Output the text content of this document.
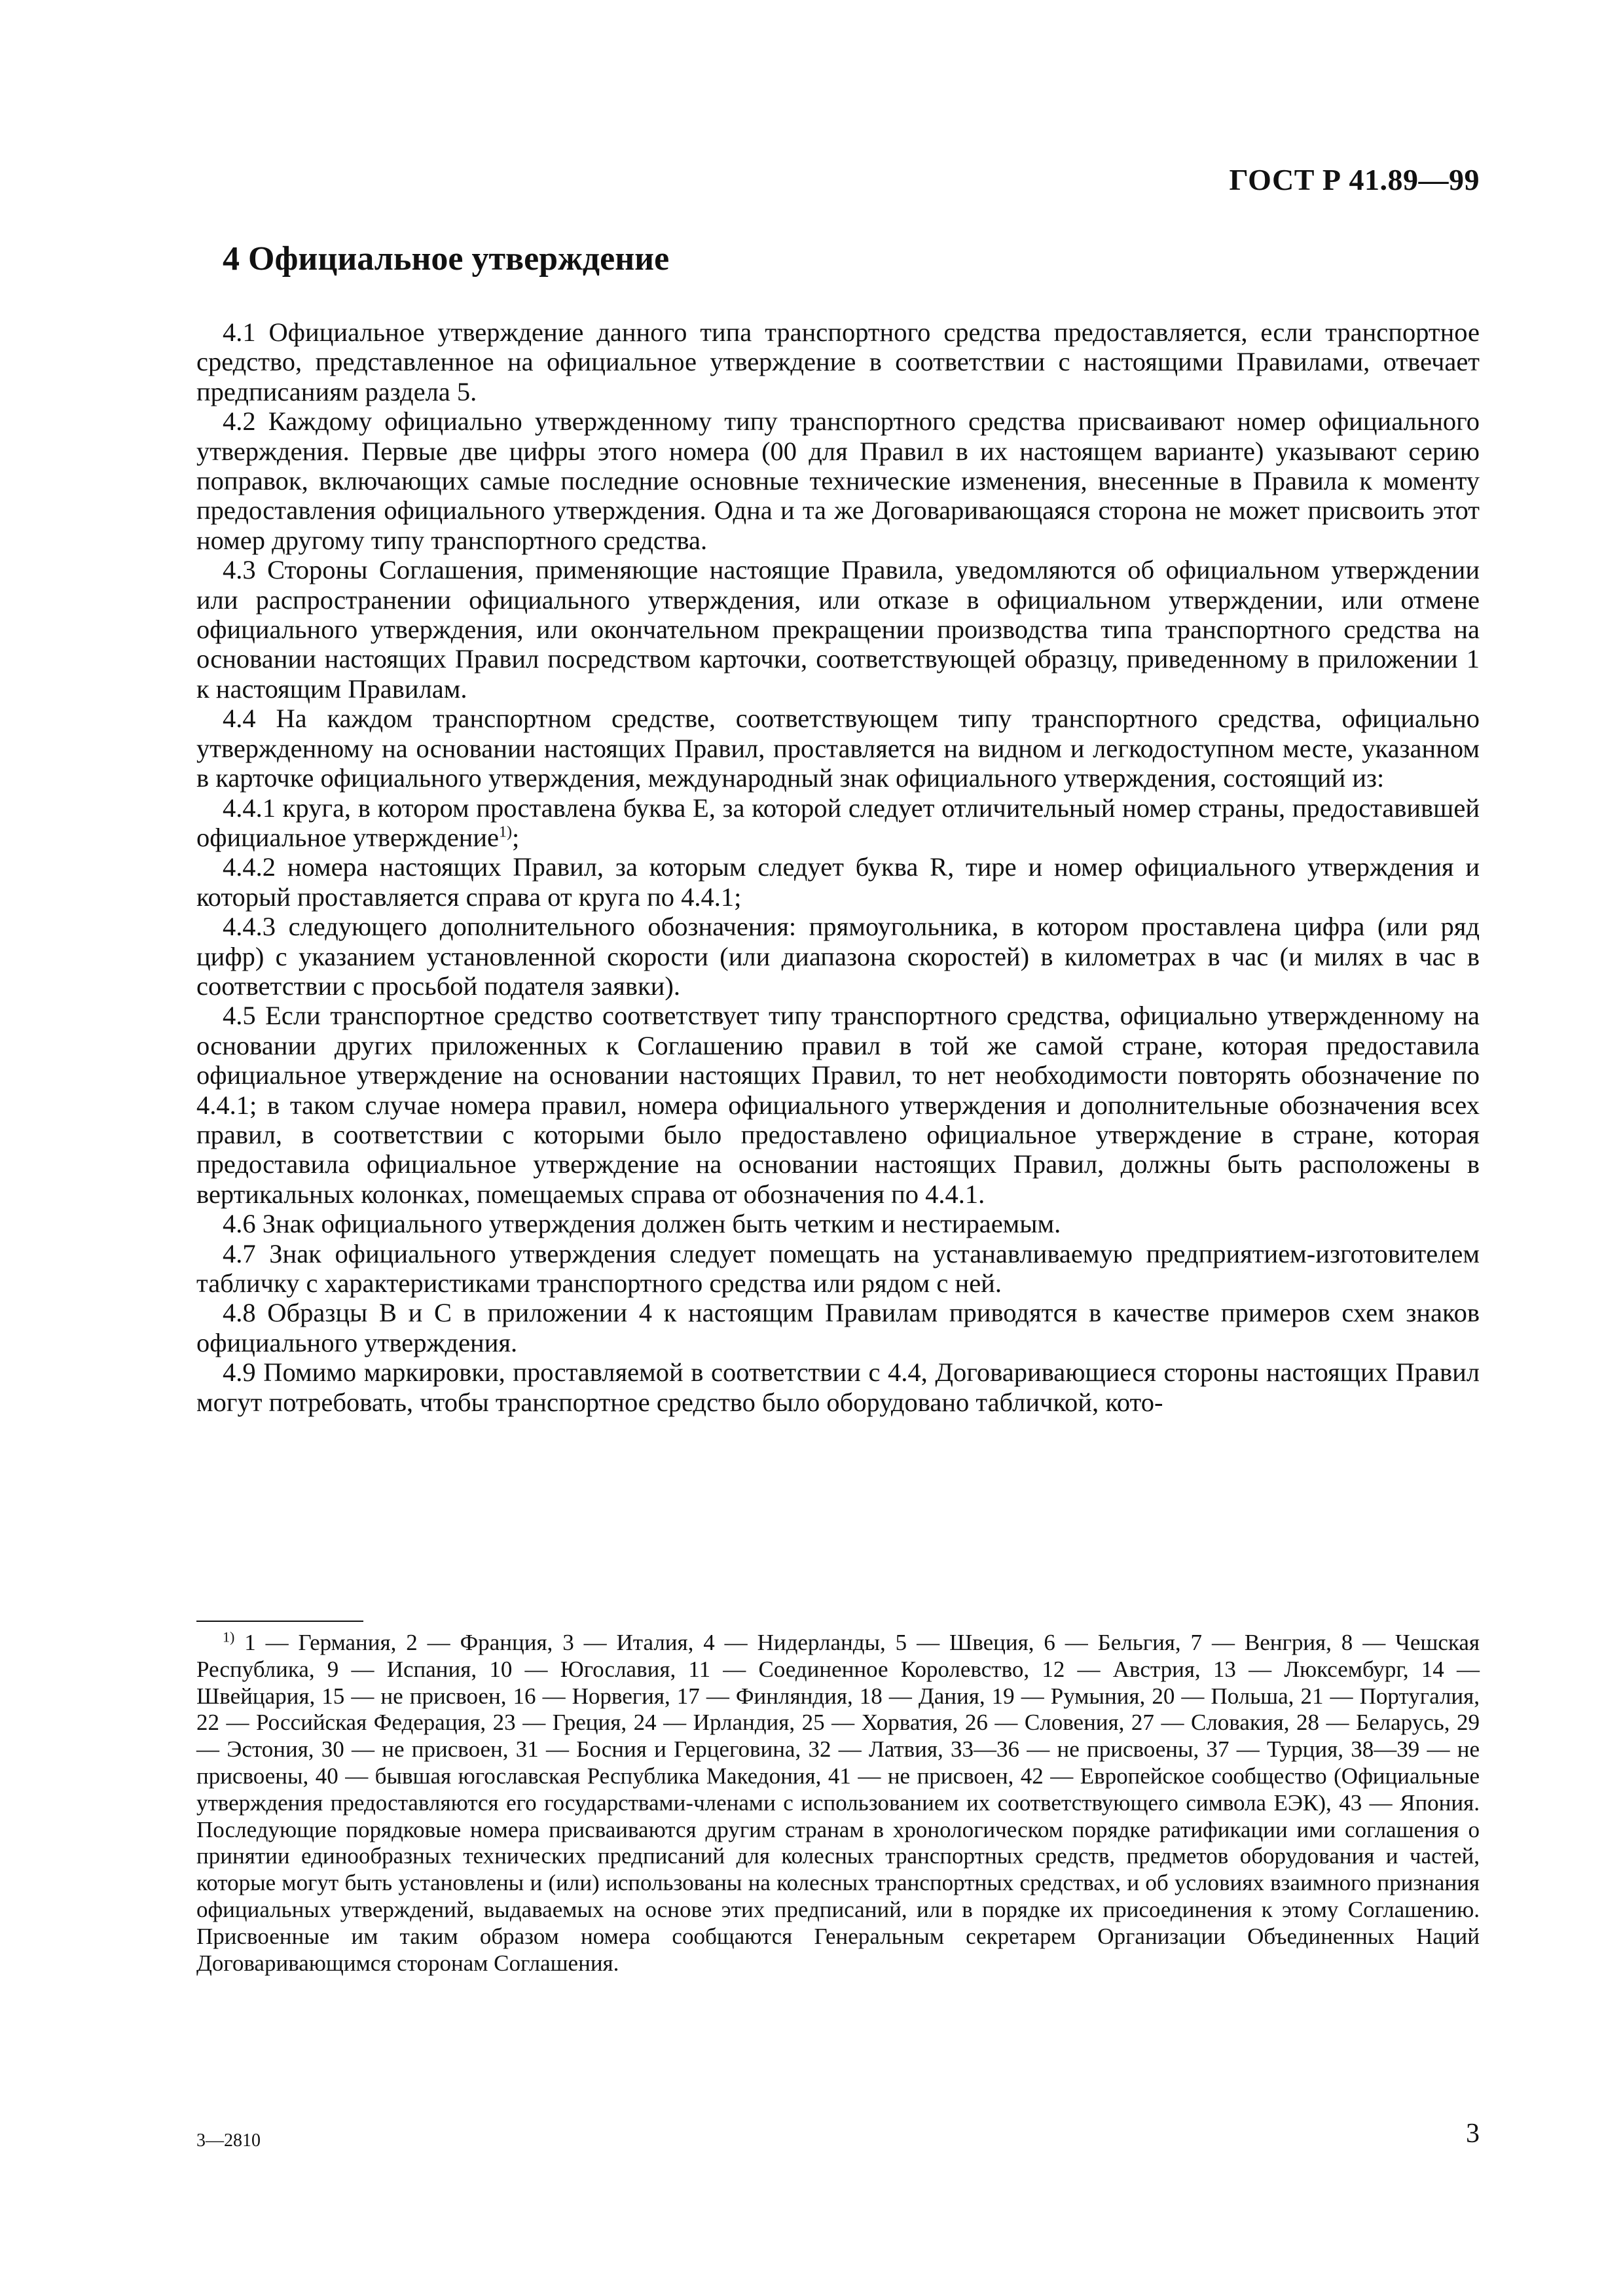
ГОСТ Р 41.89—99
4 Официальное утверждение

4.1 Официальное утверждение данного типа транспортного средства предоставляется, если транспортное средство, представленное на официальное утверждение в соответствии с настоящими Правилами, отвечает предписаниям раздела 5.

4.2 Каждому официально утвержденному типу транспортного средства присваивают номер официального утверждения. Первые две цифры этого номера (00 для Правил в их настоящем варианте) указывают серию поправок, включающих самые последние основные технические изменения, внесенные в Правила к моменту предоставления официального утверждения. Одна и та же Договаривающаяся сторона не может присвоить этот номер другому типу транспортного средства.

4.3 Стороны Соглашения, применяющие настоящие Правила, уведомляются об официальном утверждении или распространении официального утверждения, или отказе в официальном утверждении, или отмене официального утверждения, или окончательном прекращении производства типа транспортного средства на основании настоящих Правил посредством карточки, соответствующей образцу, приведенному в приложении 1 к настоящим Правилам.

4.4 На каждом транспортном средстве, соответствующем типу транспортного средства, официально утвержденному на основании настоящих Правил, проставляется на видном и легкодоступном месте, указанном в карточке официального утверждения, международный знак официального утверждения, состоящий из:

4.4.1 круга, в котором проставлена буква Е, за которой следует отличительный номер страны, предоставившей официальное утверждение$^{1)}$;

4.4.2 номера настоящих Правил, за которым следует буква R, тире и номер официального утверждения и который проставляется справа от круга по 4.4.1;

4.4.3 следующего дополнительного обозначения: прямоугольника, в котором проставлена цифра (или ряд цифр) с указанием установленной скорости (или диапазона скоростей) в километрах в час (и милях в час в соответствии с просьбой подателя заявки).

4.5 Если транспортное средство соответствует типу транспортного средства, официально утвержденному на основании других приложенных к Соглашению правил в той же самой стране, которая предоставила официальное утверждение на основании настоящих Правил, то нет необходимости повторять обозначение по 4.4.1; в таком случае номера правил, номера официального утверждения и дополнительные обозначения всех правил, в соответствии с которыми было предоставлено официальное утверждение в стране, которая предоставила официальное утверждение на основании настоящих Правил, должны быть расположены в вертикальных колонках, помещаемых справа от обозначения по 4.4.1.

4.6 Знак официального утверждения должен быть четким и нестираемым.

4.7 Знак официального утверждения следует помещать на устанавливаемую предприятием-изготовителем табличку с характеристиками транспортного средства или рядом с ней.

4.8 Образцы В и С в приложении 4 к настоящим Правилам приводятся в качестве примеров схем знаков официального утверждения.

4.9 Помимо маркировки, проставляемой в соответствии с 4.4, Договаривающиеся стороны настоящих Правил могут потребовать, чтобы транспортное средство было оборудовано табличкой, кото-

$^{1)}$ 1 — Германия, 2 — Франция, 3 — Италия, 4 — Нидерланды, 5 — Швеция, 6 — Бельгия, 7 — Венгрия, 8 — Чешская Республика, 9 — Испания, 10 — Югославия, 11 — Соединенное Королевство, 12 — Австрия, 13 — Люксембург, 14 — Швейцария, 15 — не присвоен, 16 — Норвегия, 17 — Финляндия, 18 — Дания, 19 — Румыния, 20 — Польша, 21 — Португалия, 22 — Российская Федерация, 23 — Греция, 24 — Ирландия, 25 — Хорватия, 26 — Словения, 27 — Словакия, 28 — Беларусь, 29 — Эстония, 30 — не присвоен, 31 — Босния и Герцеговина, 32 — Латвия, 33—36 — не присвоены, 37 — Турция, 38—39 — не присвоены, 40 — бывшая югославская Республика Македония, 41 — не присвоен, 42 — Европейское сообщество (Официальные утверждения предоставляются его государствами-членами с использованием их соответствующего символа ЕЭК), 43 — Япония. Последующие порядковые номера присваиваются другим странам в хронологическом порядке ратификации ими соглашения о принятии единообразных технических предписаний для колесных транспортных средств, предметов оборудования и частей, которые могут быть установлены и (или) использованы на колесных транспортных средствах, и об условиях взаимного признания официальных утверждений, выдаваемых на основе этих предписаний, или в порядке их присоединения к этому Соглашению. Присвоенные им таким образом номера сообщаются Генеральным секретарем Организации Объединенных Наций Договаривающимся сторонам Соглашения.

3—2810	3
